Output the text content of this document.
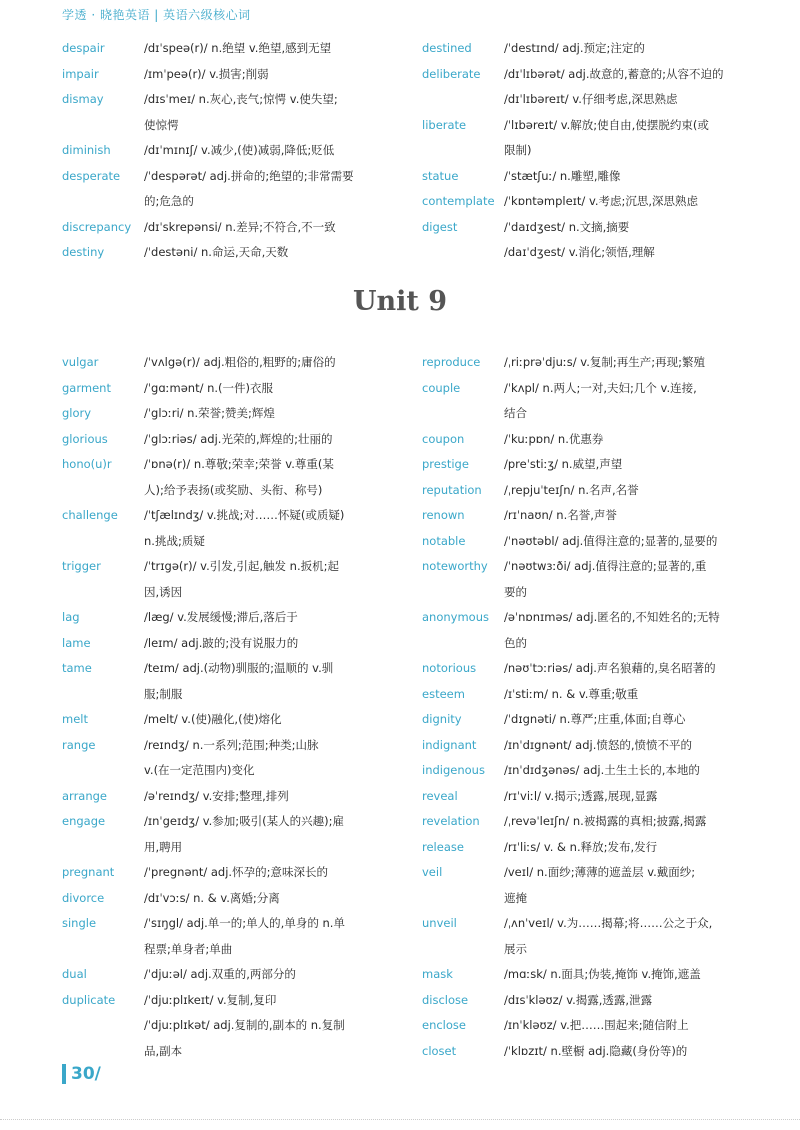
学透 · 晓艳英语 | 英语六级核心词
despair	/dɪˈspeə(r)/ n.绝望 v.绝望,感到无望
impair	/ɪmˈpeə(r)/ v.损害;削弱
dismay	/dɪsˈmeɪ/ n.灰心,丧气;惊愕 v.使失望;
使惊愕
diminish	/dɪˈmɪnɪʃ/ v.减少,(使)减弱,降低;贬低
desperate /ˈdespərət/ adj.拼命的;绝望的;非常需要
的;危急的
discrepancy /dɪˈskrepənsi/ n.差异;不符合,不一致
destiny	/ˈdestəni/ n.命运,天命,天数
destined	/ˈdestɪnd/ adj.预定;注定的
deliberate /dɪˈlɪbərət/ adj.故意的,蓄意的;从容不迫的
/dɪˈlɪbəreɪt/ v.仔细考虑,深思熟虑
liberate	/ˈlɪbəreɪt/ v.解放;使自由,使摆脱约束(或
限制)
statue	/ˈstætʃuː/ n.雕塑,雕像
contemplate /ˈkɒntəmpleɪt/ v.考虑;沉思,深思熟虑
digest	/ˈdaɪdʒest/ n.文摘,摘要
/daɪˈdʒest/ v.消化;领悟,理解
Unit 9
vulgar	/ˈvʌlgə(r)/ adj.粗俗的,粗野的;庸俗的
garment	/ˈgɑːmənt/ n.(一件)衣服
glory	/ˈglɔːri/ n.荣誉;赞美;辉煌
glorious	/ˈglɔːriəs/ adj.光荣的,辉煌的;壮丽的
hono(u)r	/ˈɒnə(r)/ n.尊敬;荣幸;荣誉 v.尊重(某
人);给予表扬(或奖励、头衔、称号)
challenge /ˈtʃælɪndʒ/ v.挑战;对……怀疑(或质疑)
n.挑战;质疑
trigger	/ˈtrɪgə(r)/ v.引发,引起,触发 n.扳机;起
因,诱因
lag	/læg/ v.发展缓慢;滞后,落后于
lame	/leɪm/ adj.跛的;没有说服力的
tame	/teɪm/ adj.(动物)驯服的;温顺的 v.驯
服;制服
melt	/melt/ v.(使)融化,(使)熔化
range	/reɪndʒ/ n.一系列;范围;种类;山脉
v.(在一定范围内)变化
arrange	/əˈreɪndʒ/ v.安排;整理,排列
engage	/ɪnˈgeɪdʒ/ v.参加;吸引(某人的兴趣);雇
用,聘用
pregnant	/ˈpregnənt/ adj.怀孕的;意味深长的
divorce	/dɪˈvɔːs/ n. & v.离婚;分离
single	/ˈsɪŋgl/ adj.单一的;单人的,单身的 n.单
程票;单身者;单曲
dual	/ˈdjuːəl/ adj.双重的,两部分的
duplicate	/ˈdjuːplɪkeɪt/ v.复制,复印
/ˈdjuːplɪkət/ adj.复制的,副本的 n.复制
品,副本
reproduce /ˌriːprəˈdjuːs/ v.复制;再生产;再现;繁殖
couple	/ˈkʌpl/ n.两人;一对,夫妇;几个 v.连接,
结合
coupon	/ˈkuːpɒn/ n.优惠券
prestige	/preˈstiːʒ/ n.威望,声望
reputation /ˌrepjuˈteɪʃn/ n.名声,名誉
renown	/rɪˈnaʊn/ n.名誉,声誉
notable	/ˈnəʊtəbl/ adj.值得注意的;显著的,显要的
noteworthy /ˈnəʊtwɜːði/ adj.值得注意的;显著的,重
要的
anonymous /əˈnɒnɪməs/ adj.匿名的,不知姓名的;无特
色的
notorious /nəʊˈtɔːriəs/ adj.声名狼藉的,臭名昭著的
esteem	/ɪˈstiːm/ n. & v.尊重;敬重
dignity	/ˈdɪgnəti/ n.尊严;庄重,体面;自尊心
indignant /ɪnˈdɪgnənt/ adj.愤怒的,愤愤不平的
indigenous /ɪnˈdɪdʒənəs/ adj.土生土长的,本地的
reveal	/rɪˈviːl/ v.揭示;透露,展现,显露
revelation /ˌrevəˈleɪʃn/ n.被揭露的真相;披露,揭露
release	/rɪˈliːs/ v. & n.释放;发布,发行
veil	/veɪl/ n.面纱;薄薄的遮盖层 v.戴面纱;
遮掩
unveil	/ˌʌnˈveɪl/ v.为……揭幕;将……公之于众,
展示
mask	/mɑːsk/ n.面具;伪装,掩饰 v.掩饰,遮盖
disclose	/dɪsˈkləʊz/ v.揭露,透露,泄露
enclose	/ɪnˈkləʊz/ v.把……围起来;随信附上
closet	/ˈklɒzɪt/ n.壁橱 adj.隐藏(身份等)的
30/
